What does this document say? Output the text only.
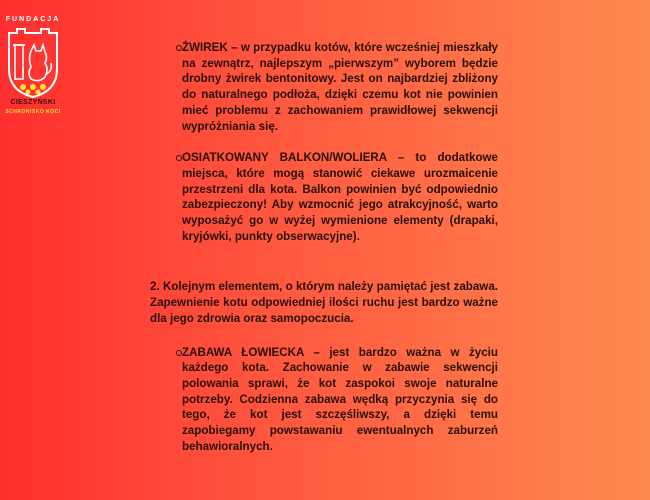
FUNDACJA
CIESZYŃSKI
SCHRONISKO KOCI
ŻWIREK – w przypadku kotów, które wcześniej mieszkały na zewnątrz, najlepszym „pierwszym” wyborem będzie drobny żwirek bentonitowy. Jest on najbardziej zbliżony do naturalnego podłoża, dzięki czemu kot nie powinien mieć problemu z zachowaniem prawidłowej sekwencji wypróżniania się.
OSIATKOWANY BALKON/WOLIERA – to dodatkowe miejsca, które mogą stanowić ciekawe urozmaicenie przestrzeni dla kota. Balkon powinien być odpowiednio zabezpieczony! Aby wzmocnić jego atrakcyjność, warto wyposażyć go w wyżej wymienione elementy (drapaki, kryjówki, punkty obserwacyjne).
2. Kolejnym elementem, o którym należy pamiętać jest zabawa. Zapewnienie kotu odpowiedniej ilości ruchu jest bardzo ważne dla jego zdrowia oraz samopoczucia.
ZABAWA ŁOWIECKA – jest bardzo ważna w życiu każdego kota. Zachowanie w zabawie sekwencji polowania sprawi, że kot zaspokoi swoje naturalne potrzeby. Codzienna zabawa wędką przyczynia się do tego, że kot jest szczęśliwszy, a dzięki temu zapobiegamy powstawaniu ewentualnych zaburzeń behawioralnych.
